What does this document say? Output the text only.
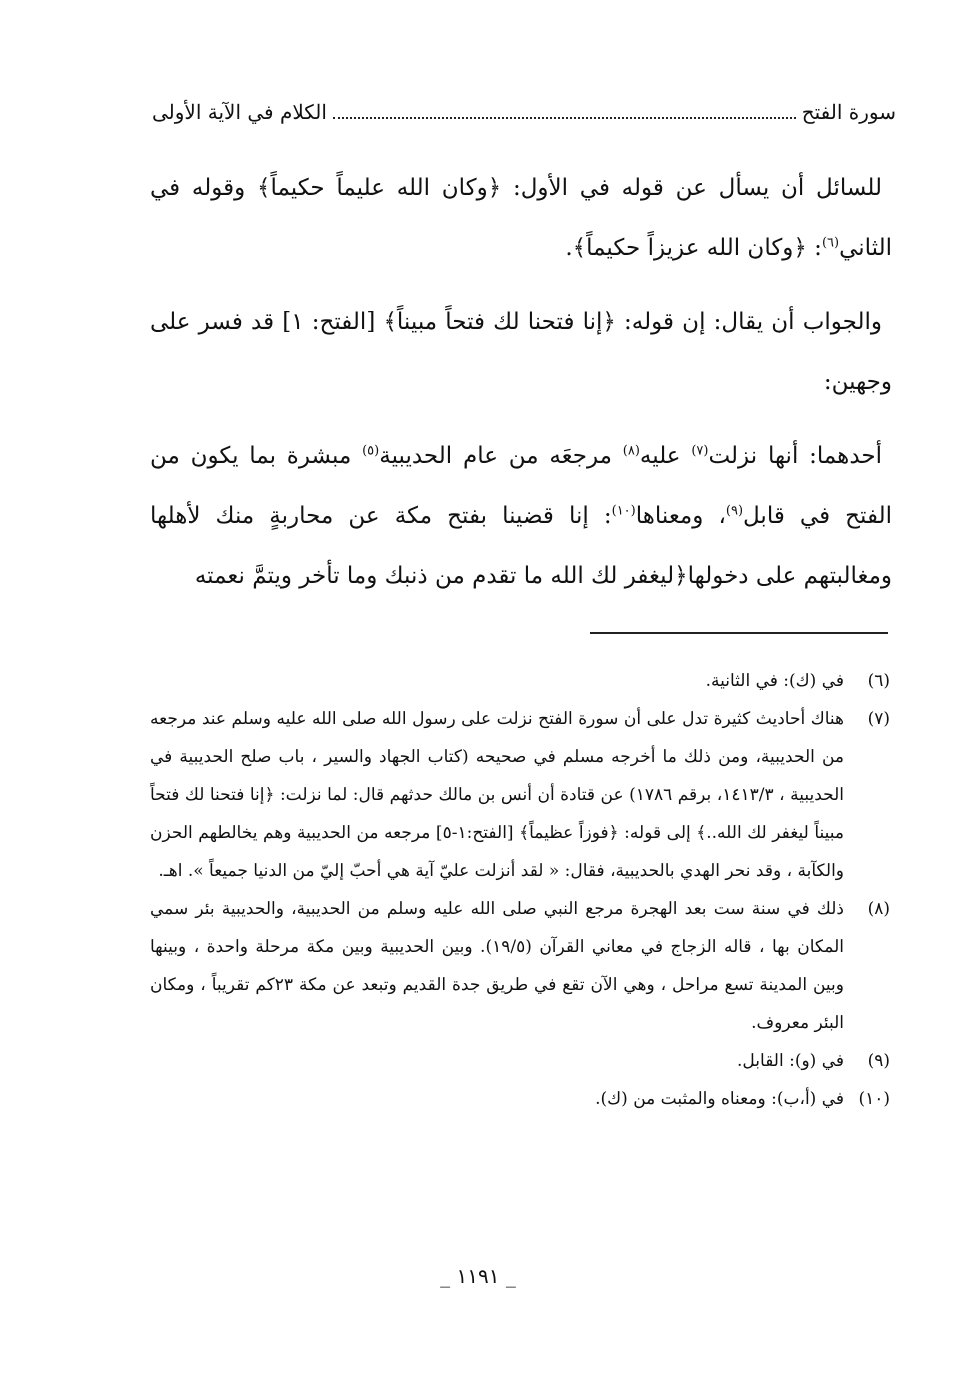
سورة الفتح
الكلام في الآية الأولى

للسائل أن يسأل عن قوله في الأول: ﴿وكان الله عليماً حكيماً﴾ وقوله في الثاني$^{(٦)}$: ﴿وكان الله عزيزاً حكيماً﴾.

والجواب أن يقال: إن قوله: ﴿إنا فتحنا لك فتحاً مبيناً﴾ [الفتح: ١] قد فسر على وجهين:

أحدهما: أنها نزلت$^{(٧)}$ عليه$^{(٨)}$ مرجعَه من عام الحديبية$^{(٥)}$ مبشرة بما يكون من الفتح في قابل$^{(٩)}$، ومعناها$^{(١٠)}$: إنا قضينا بفتح مكة عن محاربةٍ منك لأهلها ومغالبتهم على دخولها﴿ليغفر لك الله ما تقدم من ذنبك وما تأخر ويتمَّ نعمته

(٦)
في (ك): في الثانية.
(٧)
هناك أحاديث كثيرة تدل على أن سورة الفتح نزلت على رسول الله صلى الله عليه وسلم عند مرجعه من الحديبية، ومن ذلك ما أخرجه مسلم في صحيحه (كتاب الجهاد والسير ، باب صلح الحديبية في الحديبية ، ١٤١٣/٣، برقم ١٧٨٦) عن قتادة أن أنس بن مالك حدثهم قال: لما نزلت: ﴿إنا فتحنا لك فتحاً مبيناً ليغفر لك الله..﴾ إلى قوله: ﴿فوزاً عظيماً﴾ [الفتح:١-٥] مرجعه من الحديبية وهم يخالطهم الحزن والكآبة ، وقد نحر الهدي بالحديبية، فقال: « لقد أنزلت عليّ آية هي أحبّ إليّ من الدنيا جميعاً ». اهـ.
(٨)
ذلك في سنة ست بعد الهجرة مرجع النبي صلى الله عليه وسلم من الحديبية، والحديبية بئر سمي المكان بها ، قاله الزجاج في معاني القرآن (١٩/٥). وبين الحديبية وبين مكة مرحلة واحدة ، وبينها وبين المدينة تسع مراحل ، وهي الآن تقع في طريق جدة القديم وتبعد عن مكة ٢٣كم تقريباً ، ومكان البئر معروف.
(٩)
في (و): القابل.
(١٠)
في (أ،ب): ومعناه والمثبت من (ك).
_ ١١٩١ _
